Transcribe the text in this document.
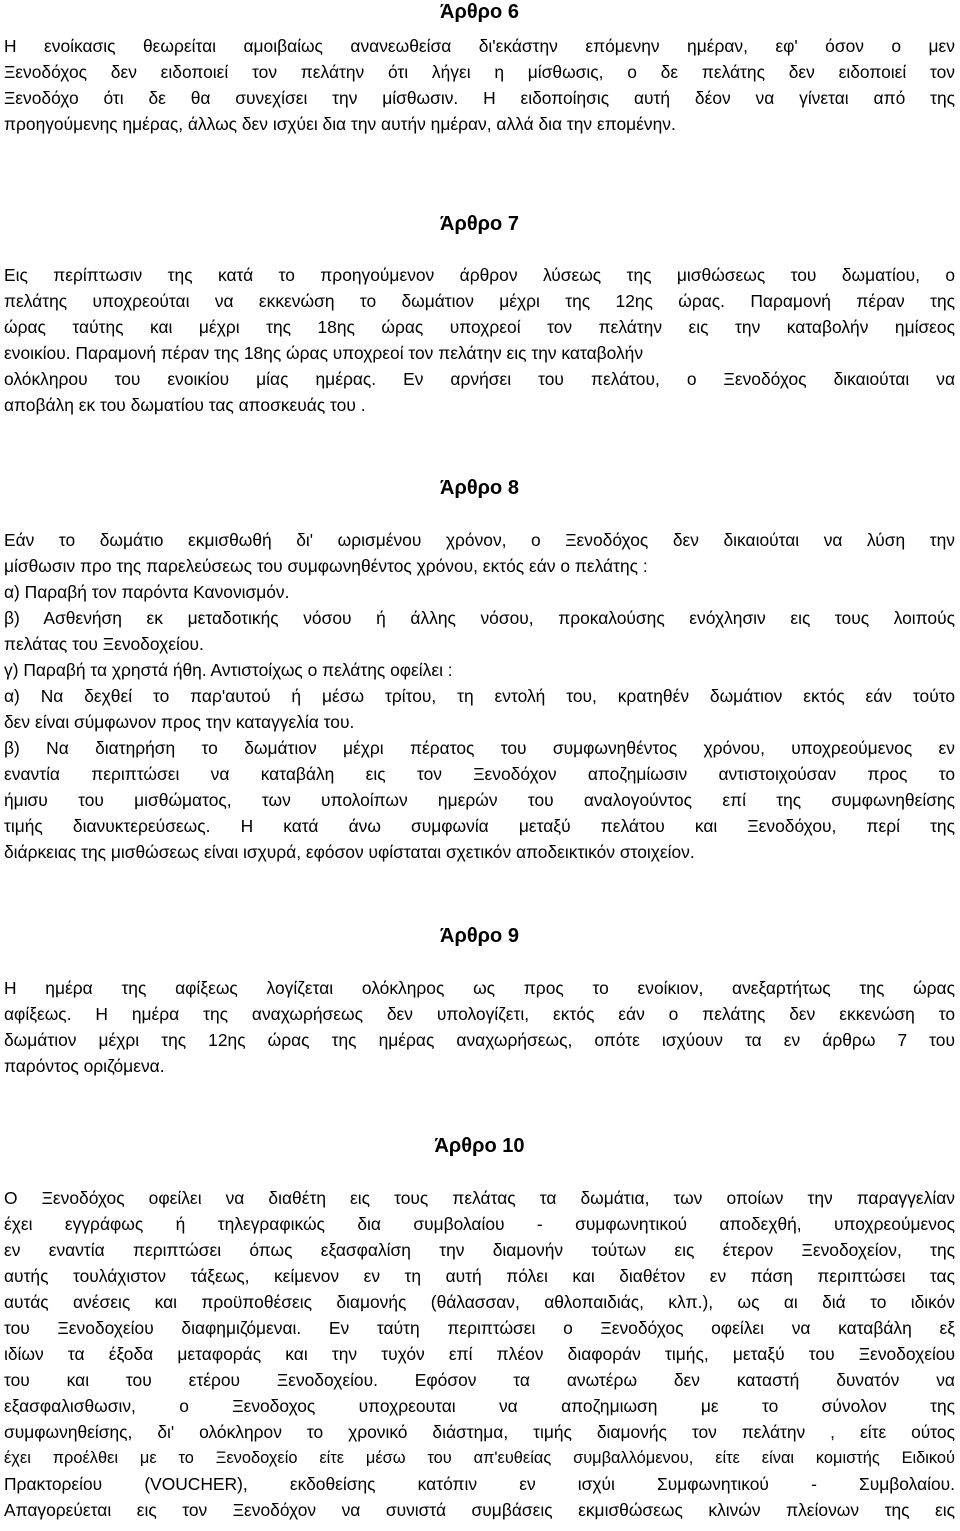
Άρθρο 6
Η ενοίκασις θεωρείται αμοιβαίως ανανεωθείσα δι'εκάστην επόμενην ημέραν, εφ' όσον ο μεν
Ξενοδόχος δεν ειδοποιεί τον πελάτην ότι λήγει η μίσθωσις, ο δε πελάτης δεν ειδοποιεί τον
Ξενοδόχο ότι δε θα συνεχίσει την μίσθωσιν. Η ειδοποίησις αυτή δέον να γίνεται από της
προηγούμενης ημέρας, άλλως δεν ισχύει δια την αυτήν ημέραν, αλλά δια την επομένην.
Άρθρο 7
Εις περίπτωσιν της κατά το προηγούμενον άρθρον λύσεως της μισθώσεως του δωματίου, ο
πελάτης υποχρεούται να εκκενώση το δωμάτιον μέχρι της 12ης ώρας. Παραμονή πέραν της
ώρας ταύτης και μέχρι της 18ης ώρας υποχρεοί τον πελάτην εις την καταβολήν ημίσεος
ενοικίου. Παραμονή πέραν της 18ης ώρας υποχρεοί τον πελάτην εις την καταβολήν
ολόκληρου του ενοικίου μίας ημέρας. Εν αρνήσει του πελάτου, ο Ξενοδόχος δικαιούται να
αποβάλη εκ του δωματίου τας αποσκευάς του .
Άρθρο 8
Εάν το δωμάτιο εκμισθωθή δι' ωρισμένου χρόνον, ο Ξενοδόχος δεν δικαιούται να λύση την
μίσθωσιν προ της παρελεύσεως του συμφωνηθέντος χρόνου, εκτός εάν ο πελάτης :
α) Παραβή τον παρόντα Κανονισμόν.
β) Ασθενήση εκ μεταδοτικής νόσου ή άλλης νόσου, προκαλούσης ενόχλησιν εις τους λοιπούς
πελάτας του Ξενοδοχείου.
γ) Παραβή τα χρηστά ήθη. Αντιστοίχως ο πελάτης οφείλει :
α) Να δεχθεί το παρ'αυτού ή μέσω τρίτου, τη εντολή του, κρατηθέν δωμάτιον εκτός εάν τούτο
δεν είναι σύμφωνον προς την καταγγελία του.
β) Να διατηρήση το δωμάτιον μέχρι πέρατος του συμφωνηθέντος χρόνου, υποχρεούμενος εν
εναντία περιπτώσει να καταβάλη εις τον Ξενοδόχον αποζημίωσιν αντιστοιχούσαν προς το
ήμισυ του μισθώματος, των υπολοίπων ημερών του αναλογούντος επί της συμφωνηθείσης
τιμής διανυκτερεύσεως. Η κατά άνω συμφωνία μεταξύ πελάτου και Ξενοδόχου, περί της
διάρκειας της μισθώσεως είναι ισχυρά, εφόσον υφίσταται σχετικόν αποδεικτικόν στοιχείον.
Άρθρο 9
Η ημέρα της αφίξεως λογίζεται ολόκληρος ως προς το ενοίκιον, ανεξαρτήτως της ώρας
αφίξεως. Η ημέρα της αναχωρήσεως δεν υπολογίζετι, εκτός εάν ο πελάτης δεν εκκενώση το
δωμάτιον μέχρι της 12ης ώρας της ημέρας αναχωρήσεως, οπότε ισχύουν τα εν άρθρω 7 του
παρόντος οριζόμενα.
Άρθρο 10
Ο Ξενοδόχος οφείλει να διαθέτη εις τους πελάτας τα δωμάτια, των οποίων την παραγγελίαν
έχει εγγράφως ή τηλεγραφικώς δια συμβολαίου - συμφωνητικού αποδεχθή, υποχρεούμενος
εν εναντία περιπτώσει όπως εξασφαλίση την διαμονήν τούτων εις έτερον Ξενοδοχείον, της
αυτής τουλάχιστον τάξεως, κείμενον εν τη αυτή πόλει και διαθέτον εν πάση περιπτώσει τας
αυτάς ανέσεις και προϋποθέσεις διαμονής (θάλασσαν, αθλοπαιδιάς, κλπ.), ως αι διά το ιδικόν
του Ξενοδοχείου διαφημιζόμεναι. Εν ταύτη περιπτώσει ο Ξενοδόχος οφείλει να καταβάλη εξ
ιδίων τα έξοδα μεταφοράς και την τυχόν επί πλέον διαφοράν τιμής, μεταξύ του Ξενοδοχείου
του και του ετέρου Ξενοδοχείου. Εφόσον τα ανωτέρω δεν καταστή δυνατόν να
εξασφαλισθωσιν, ο Ξενοδοχος υποχρεουται να αποζημιωση με το σύνολον της
συμφωνηθείσης, δι' ολόκληρον το χρονικό διάστημα, τιμής διαμονής τον πελάτην , είτε ούτος
έχει προέλθει με το Ξενοδοχείο είτε μέσω του απ'ευθείας συμβαλλόμενου, είτε είναι κομιστής Ειδικού
Πρακτορείου (VOUCHER), εκδοθείσης κατόπιν εν ισχύι Συμφωνητικού - Συμβολαίου.
Απαγορεύεται εις τον Ξενοδόχον να συνιστά συμβάσεις εκμισθώσεως κλινών πλείονων της εις
